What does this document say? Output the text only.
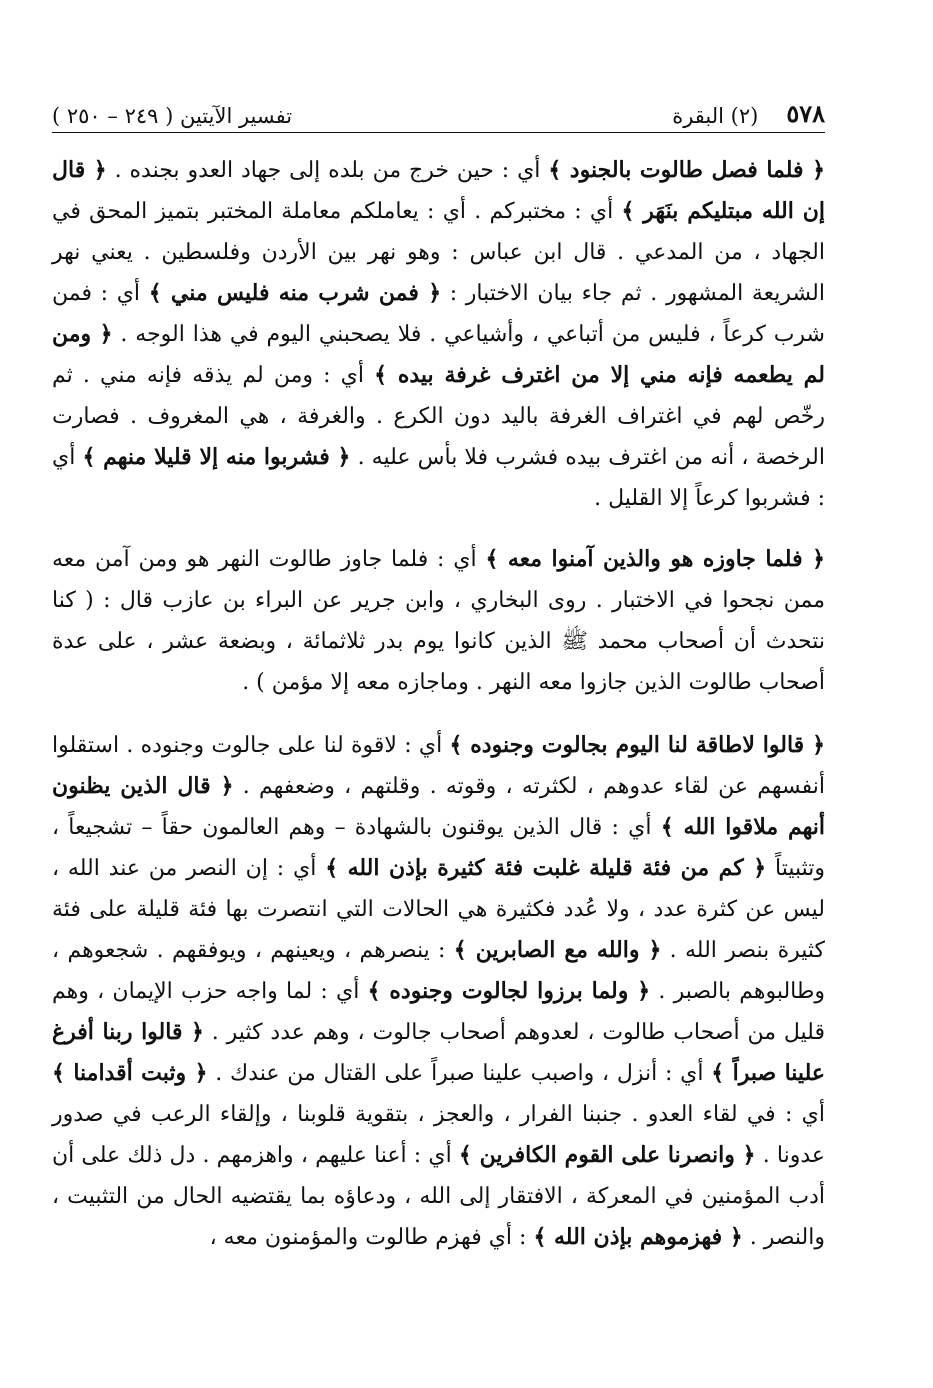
٥٧٨
(٢) البقرة
تفسير الآيتين ( ٢٤٩ – ٢٥٠ )

﴿ فلما فصل طالوت بالجنود ﴾ أي : حين خرج من بلده إلى جهاد العدو بجنده . ﴿ قال إن الله مبتليكم بنَهَر ﴾ أي : مختبركم . أي : يعاملكم معاملة المختبر بتميز المحق في الجهاد ، من المدعي . قال ابن عباس : وهو نهر بين الأردن وفلسطين . يعني نهر الشريعة المشهور . ثم جاء بيان الاختبار : ﴿ فمن شرب منه فليس مني ﴾ أي : فمن شرب كرعاً ، فليس من أتباعي ، وأشياعي . فلا يصحبني اليوم في هذا الوجه . ﴿ ومن لم يطعمه فإنه مني إلا من اغترف غرفة بيده ﴾ أي : ومن لم يذقه فإنه مني . ثم رخّص لهم في اغتراف الغرفة باليد دون الكرع . والغرفة ، هي المغروف . فصارت الرخصة ، أنه من اغترف بيده فشرب فلا بأس عليه . ﴿ فشربوا منه إلا قليلا منهم ﴾ أي : فشربوا كرعاً إلا القليل .

﴿ فلما جاوزه هو والذين آمنوا معه ﴾ أي : فلما جاوز طالوت النهر هو ومن آمن معه ممن نجحوا في الاختبار . روى البخاري ، وابن جرير عن البراء بن عازب قال : ( كنا نتحدث أن أصحاب محمد ﷺ الذين كانوا يوم بدر ثلاثمائة ، وبضعة عشر ، على عدة أصحاب طالوت الذين جازوا معه النهر . وماجازه معه إلا مؤمن ) .

﴿ قالوا لاطاقة لنا اليوم بجالوت وجنوده ﴾ أي : لاقوة لنا على جالوت وجنوده . استقلوا أنفسهم عن لقاء عدوهم ، لكثرته ، وقوته . وقلتهم ، وضعفهم . ﴿ قال الذين يظنون أنهم ملاقوا الله ﴾ أي : قال الذين يوقنون بالشهادة – وهم العالمون حقاً – تشجيعاً ، وتثبيتاً ﴿ كم من فئة قليلة غلبت فئة كثيرة بإذن الله ﴾ أي : إن النصر من عند الله ، ليس عن كثرة عدد ، ولا عُدد فكثيرة هي الحالات التي انتصرت بها فئة قليلة على فئة كثيرة بنصر الله . ﴿ والله مع الصابرين ﴾ : ينصرهم ، ويعينهم ، ويوفقهم . شجعوهم ، وطالبوهم بالصبر . ﴿ ولما برزوا لجالوت وجنوده ﴾ أي : لما واجه حزب الإيمان ، وهم قليل من أصحاب طالوت ، لعدوهم أصحاب جالوت ، وهم عدد كثير . ﴿ قالوا ربنا أفرغ علينا صبراً ﴾ أي : أنزل ، واصبب علينا صبراً على القتال من عندك . ﴿ وثبت أقدامنا ﴾ أي : في لقاء العدو . جنبنا الفرار ، والعجز ، بتقوية قلوبنا ، وإلقاء الرعب في صدور عدونا . ﴿ وانصرنا على القوم الكافرين ﴾ أي : أعنا عليهم ، واهزمهم . دل ذلك على أن أدب المؤمنين في المعركة ، الافتقار إلى الله ، ودعاؤه بما يقتضيه الحال من التثبيت ، والنصر . ﴿ فهزموهم بإذن الله ﴾ : أي فهزم طالوت والمؤمنون معه ،
